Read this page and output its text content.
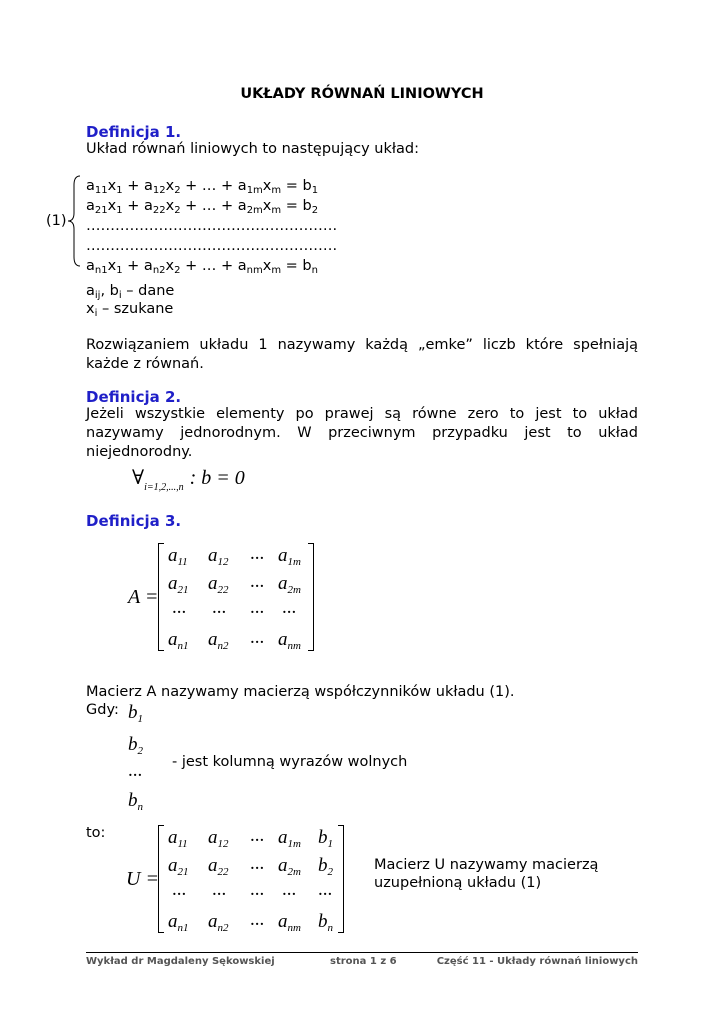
UKŁADY RÓWNAŃ LINIOWYCH
Definicja 1.
Układ równań liniowych to następujący układ:
(1)
$a_{11}x_1 + a_{12}x_2$ + … + $a_{1m}x_m = b_1$
$a_{21}x_1 + a_{22}x_2$ + … + $a_{2m}x_m = b_2$
…………………………………………….
…………………………………………….
$a_{n1}x_1 + a_{n2}x_2$ + … + $a_{nm}x_m = b_n$
$a_{ij}$, $b_i$ – dane
$x_i$ – szukane
Rozwiązaniem układu 1 nazywamy każdą „emke” liczb które spełniają każde z równań.
Definicja 2.
Jeżeli wszystkie elementy po prawej są równe zero to jest to układ nazywamy jednorodnym. W przeciwnym przypadku jest to układ niejednorodny.
$\forall_{i=1,2,...,n}$ : b = 0
Definicja 3.
A =
$a_{11}$ $a_{12}$ ... $a_{1m}$
$a_{21}$ $a_{22}$ ... $a_{2m}$
... ... ... ...
$a_{n1}$ $a_{n2}$ ... $a_{nm}$
Macierz A nazywamy macierzą współczynników układu (1).
Gdy: $b_1$
$b_2$
...
$b_n$
- jest kolumną wyrazów wolnych
to:
U =
$a_{11}$ $a_{12}$ ... $a_{1m}$ $b_1$
$a_{21}$ $a_{22}$ ... $a_{2m}$ $b_2$
... ... ... ... ...
$a_{n1}$ $a_{n2}$ ... $a_{nm}$ $b_n$
Macierz U nazywamy macierzą
uzupełnioną układu (1)
Wykład dr Magdaleny Sękowskiej	strona 1 z 6	Część 11 - Układy równań liniowych
